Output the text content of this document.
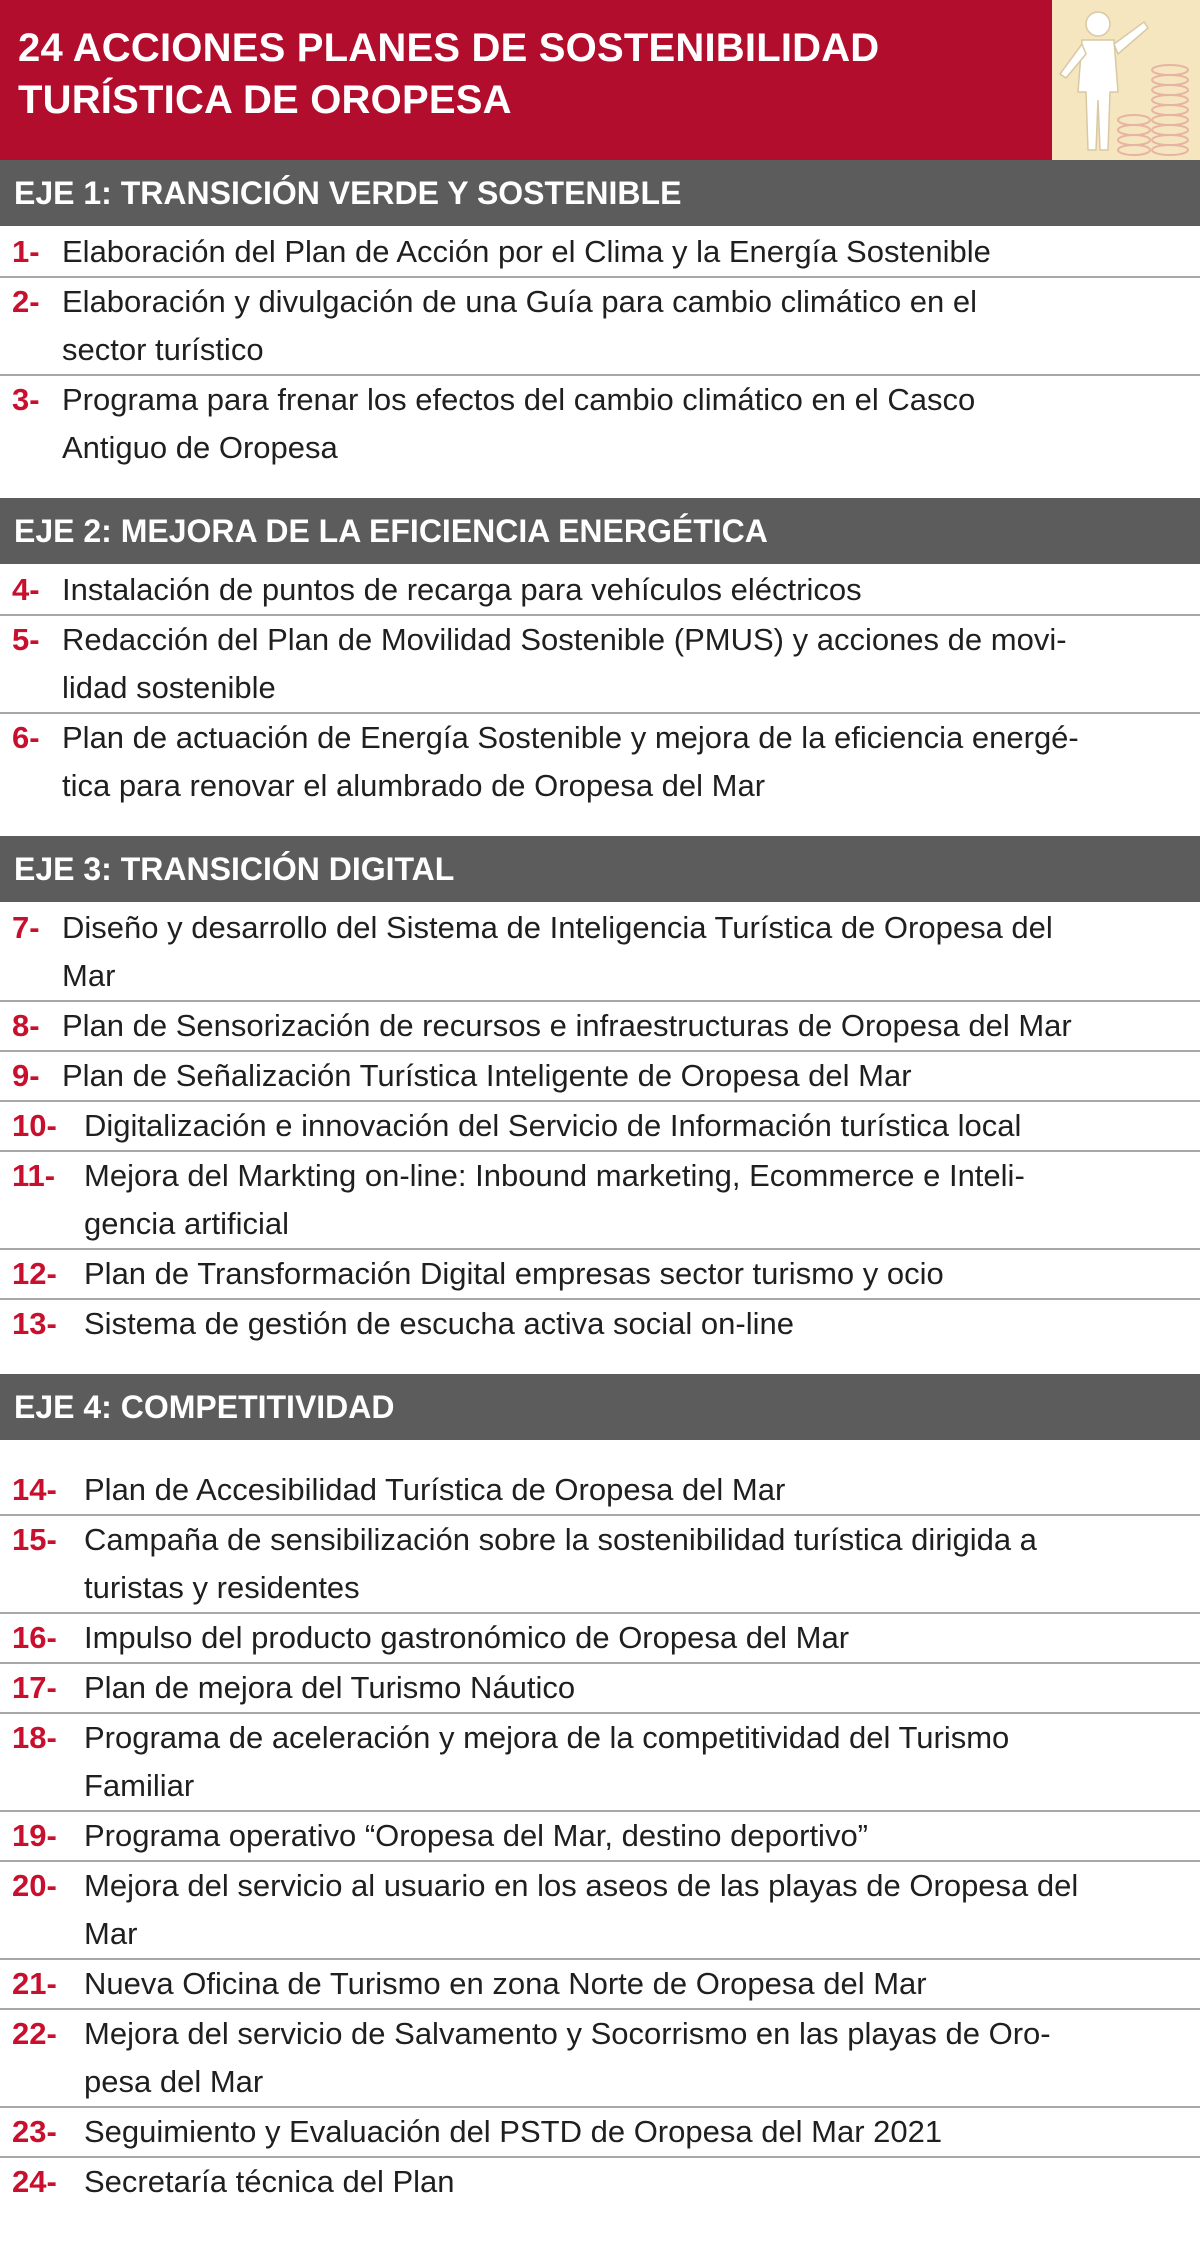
24 ACCIONES PLANES DE SOSTENIBILIDAD
TURÍSTICA DE OROPESA
EJE 1: TRANSICIÓN VERDE Y SOSTENIBLE
1- Elaboración del Plan de Acción por el Clima y la Energía Sostenible
2- Elaboración y divulgación de una Guía para cambio climático en el
sector turístico
3- Programa para frenar los efectos del cambio climático en el Casco
Antiguo de Oropesa
EJE 2: MEJORA DE LA EFICIENCIA ENERGÉTICA
4- Instalación de puntos de recarga para vehículos eléctricos
5- Redacción del Plan de Movilidad Sostenible (PMUS) y acciones de movi-
lidad sostenible
6- Plan de actuación de Energía Sostenible y mejora de la eficiencia energé-
tica para renovar el alumbrado de Oropesa del Mar
EJE 3: TRANSICIÓN DIGITAL
7- Diseño y desarrollo del Sistema de Inteligencia Turística de Oropesa del
Mar
8- Plan de Sensorización de recursos e infraestructuras de Oropesa del Mar
9- Plan de Señalización Turística Inteligente de Oropesa del Mar
10- Digitalización e innovación del Servicio de Información turística local
11- Mejora del Markting on-line: Inbound marketing, Ecommerce e Inteli-
gencia artificial
12- Plan de Transformación Digital empresas sector turismo y ocio
13- Sistema de gestión de escucha activa social on-line
EJE 4: COMPETITIVIDAD
14- Plan de Accesibilidad Turística de Oropesa del Mar
15- Campaña de sensibilización sobre la sostenibilidad turística dirigida a
turistas y residentes
16- Impulso del producto gastronómico de Oropesa del Mar
17- Plan de mejora del Turismo Náutico
18- Programa de aceleración y mejora de la competitividad del Turismo
Familiar
19- Programa operativo “Oropesa del Mar, destino deportivo”
20- Mejora del servicio al usuario en los aseos de las playas de Oropesa del
Mar
21- Nueva Oficina de Turismo en zona Norte de Oropesa del Mar
22- Mejora del servicio de Salvamento y Socorrismo en las playas de Oro-
pesa del Mar
23- Seguimiento y Evaluación del PSTD de Oropesa del Mar 2021
24- Secretaría técnica del Plan
